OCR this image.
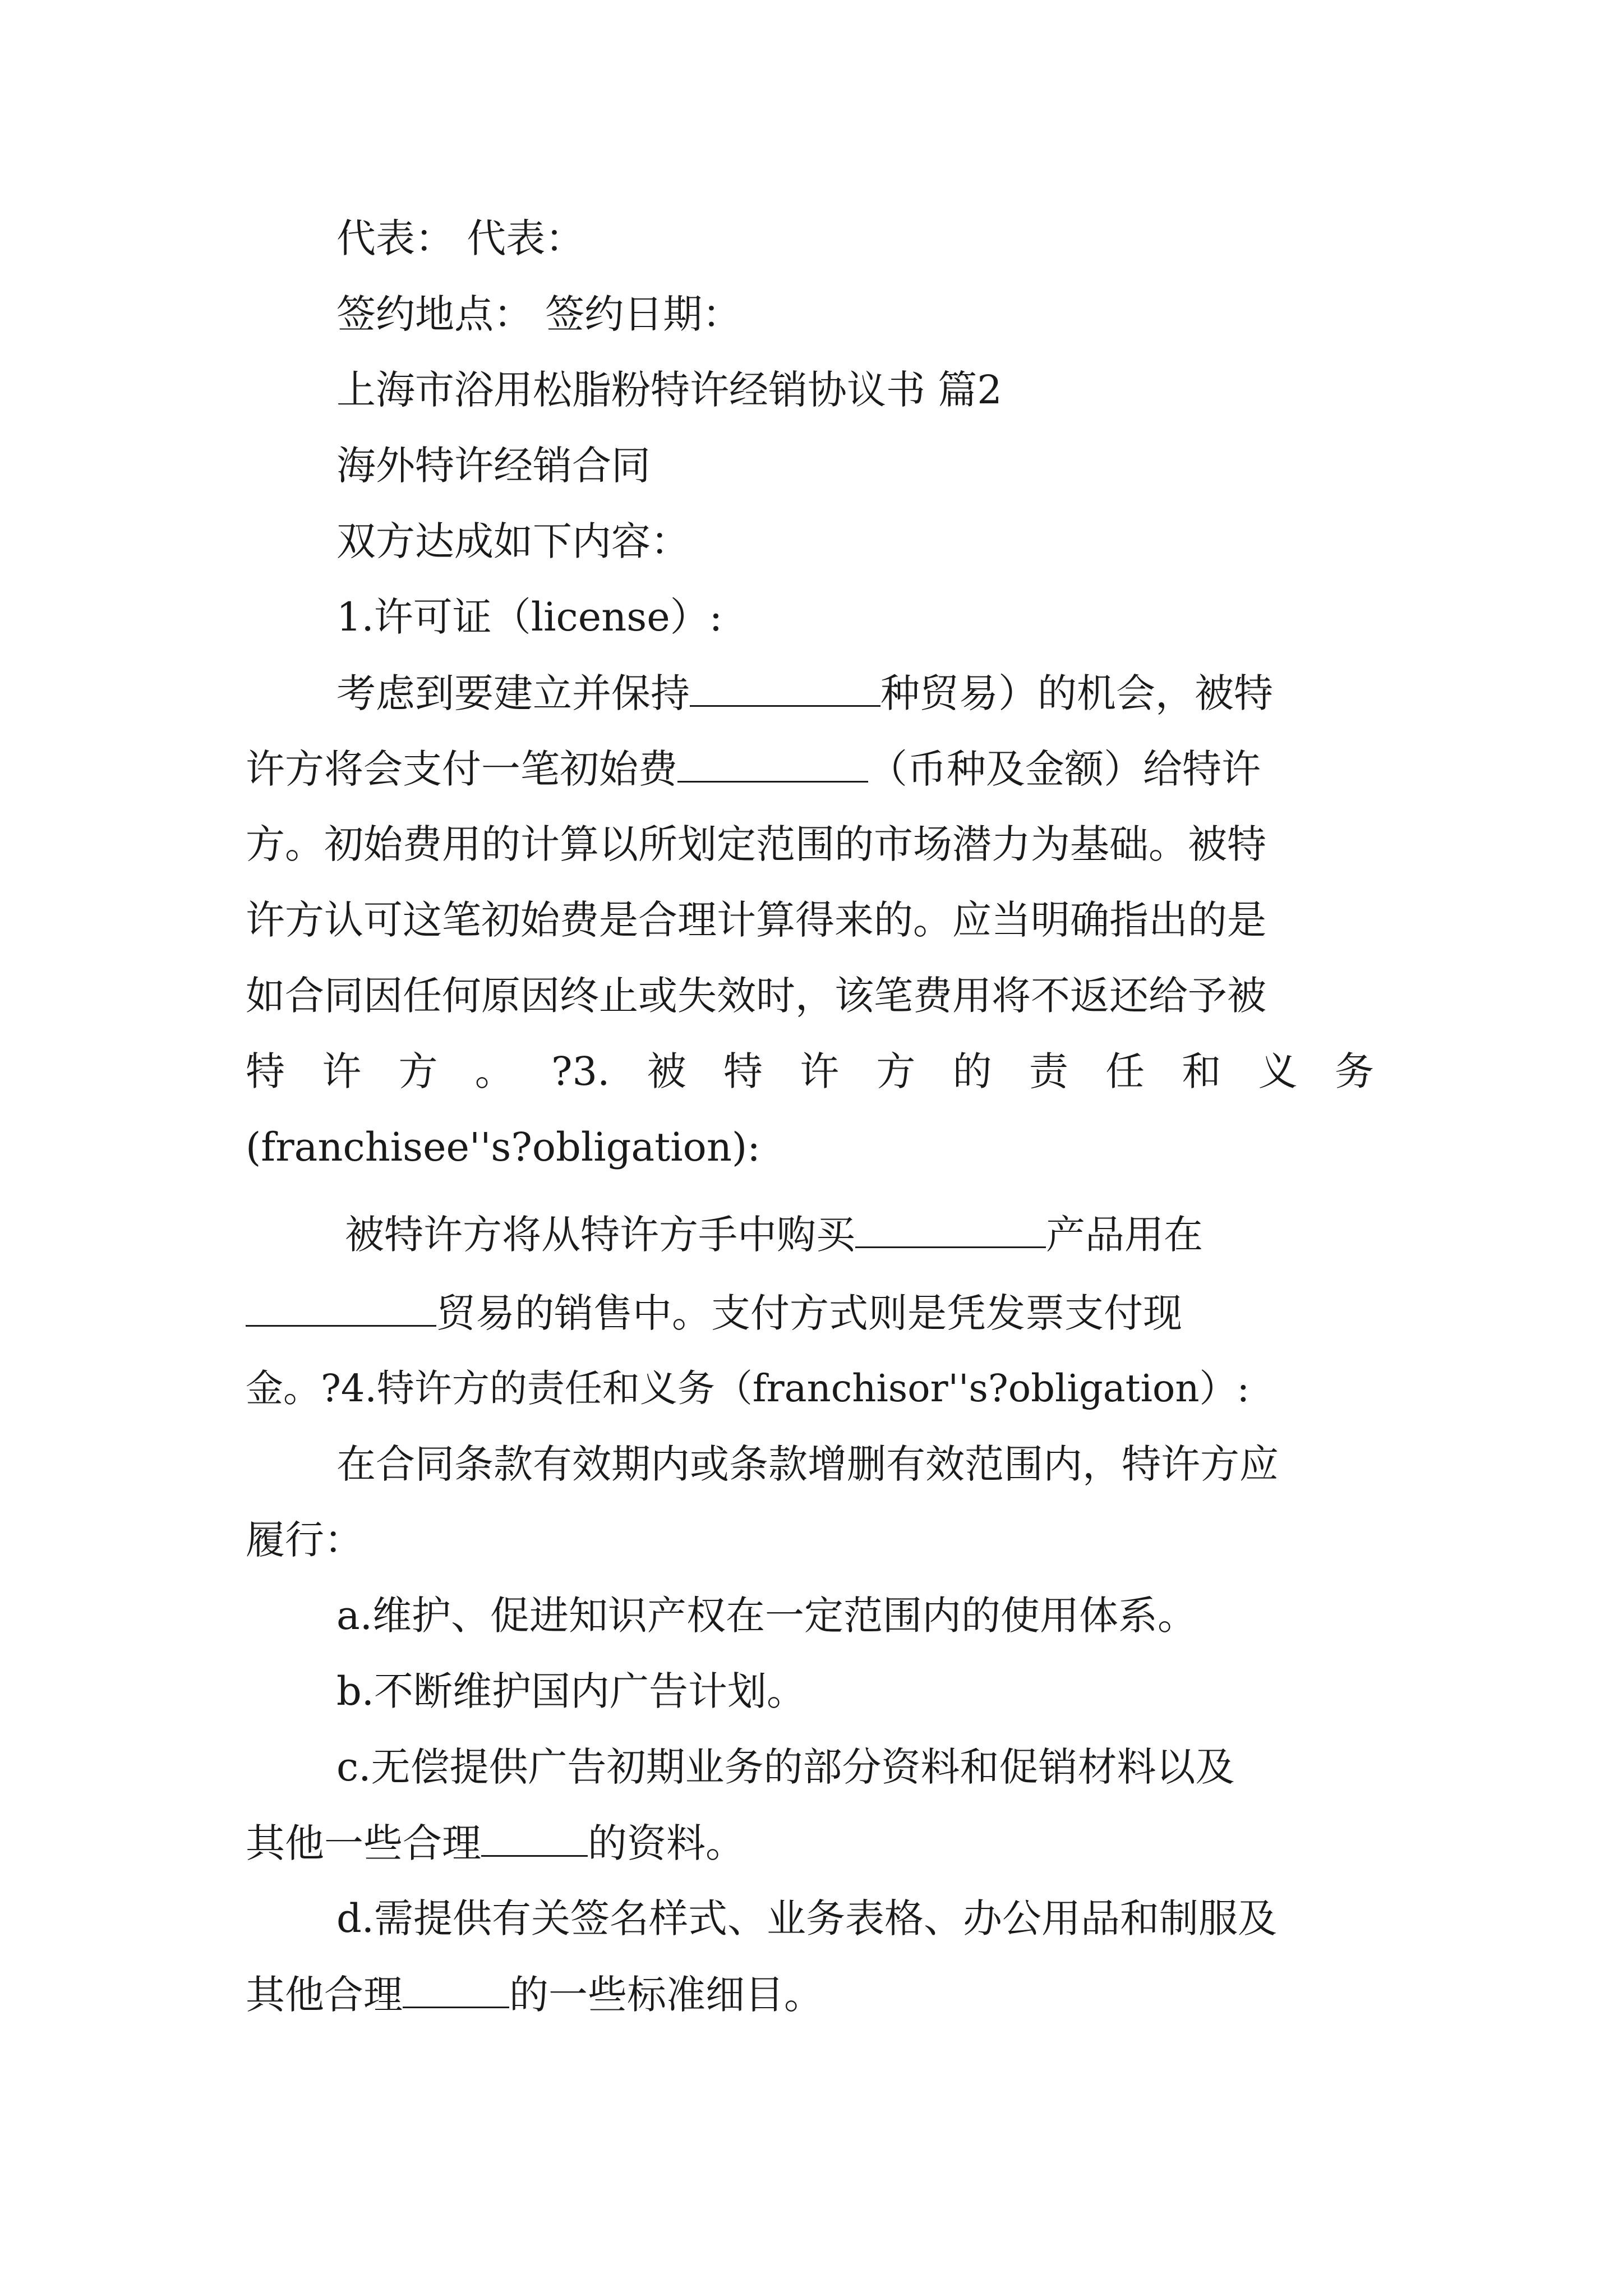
代表： 代表：

签约地点： 签约日期：

上海市浴用松脂粉特许经销协议书 篇2

海外特许经销合同

双方达成如下内容：

1.许可证（license）:

考虑到要建立并保持	种贸易）的机会，被特

许方将会支付一笔初始费	（币种及金额）给特许

方。初始费用的计算以所划定范围的市场潜力为基础。被特

许方认可这笔初始费是合理计算得来的。应当明确指出的是

如合同因任何原因终止或失效时，该笔费用将不返还给予被

特 许 方 。 ?3. 被 特 许 方 的 责 任 和 义 务

(franchisee''s?obligation):

被特许方将从特许方手中购买	产品用在

贸易的销售中。支付方式则是凭发票支付现

金。?4.特许方的责任和义务（franchisor''s?obligation）:

在合同条款有效期内或条款增删有效范围内，特许方应

履行：

a.维护、促进知识产权在一定范围内的使用体系。

b.不断维护国内广告计划。

c.无偿提供广告初期业务的部分资料和促销材料以及

其他一些合理	的资料。

d.需提供有关签名样式、业务表格、办公用品和制服及

其他合理	的一些标准细目。
